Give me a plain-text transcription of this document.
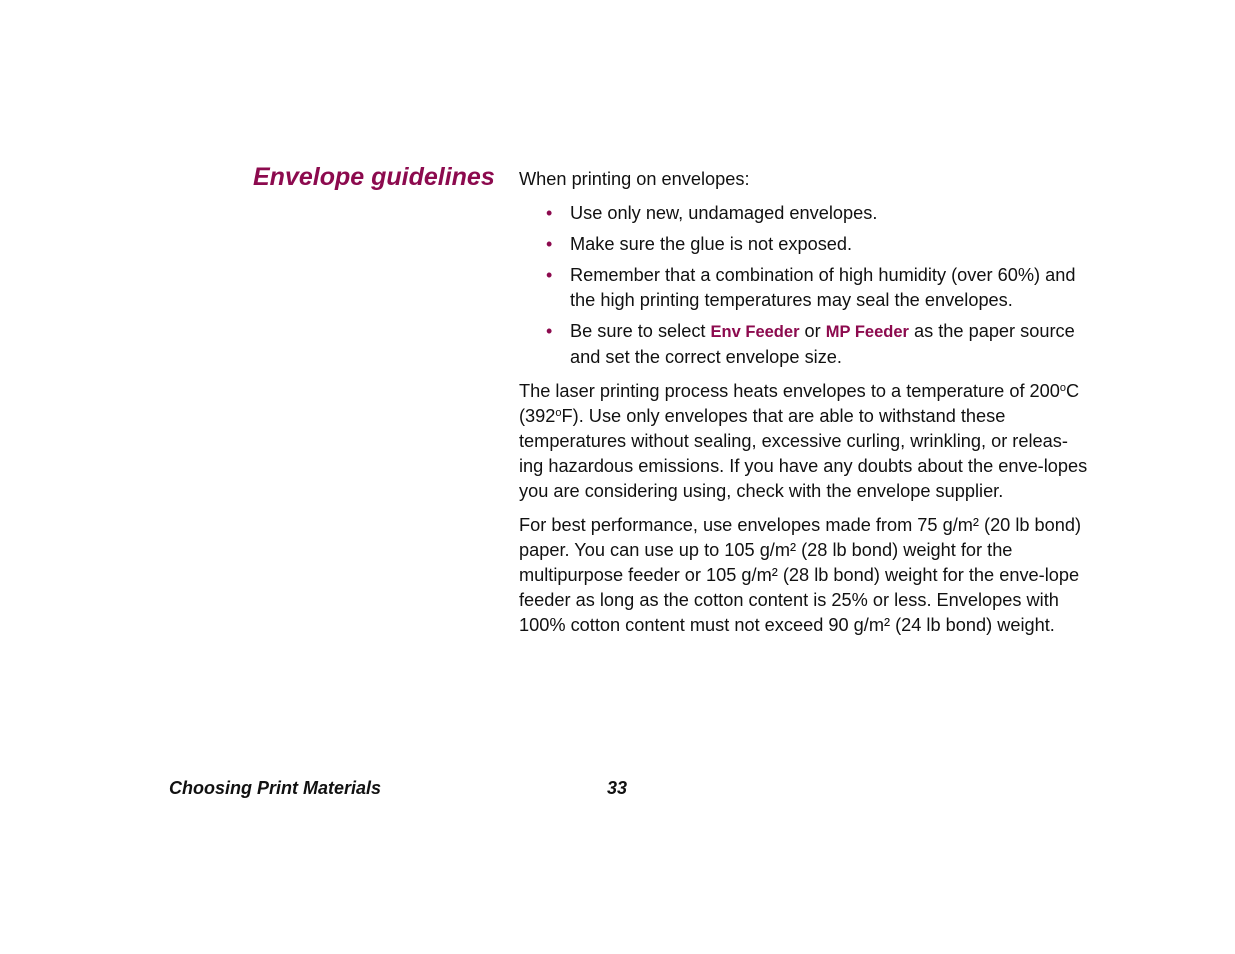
Envelope guidelines When printing on envelopes:

• Use only new, undamaged envelopes.
• Make sure the glue is not exposed.
• Remember that a combination of high humidity (over 60%) and the high printing temperatures may seal the envelopes.
• Be sure to select Env Feeder or MP Feeder as the paper source and set the correct envelope size.

The laser printing process heats envelopes to a temperature of 200$^o$C (392$^o$F). Use only envelopes that are able to withstand these temperatures without sealing, excessive curling, wrinkling, or releas-ing hazardous emissions. If you have any doubts about the enve-lopes you are considering using, check with the envelope supplier.

For best performance, use envelopes made from 75 g/m² (20 lb bond) paper. You can use up to 105 g/m² (28 lb bond) weight for the multipurpose feeder or 105 g/m² (28 lb bond) weight for the enve-lope feeder as long as the cotton content is 25% or less. Envelopes with 100% cotton content must not exceed 90 g/m² (24 lb bond) weight.

Choosing Print Materials	33
